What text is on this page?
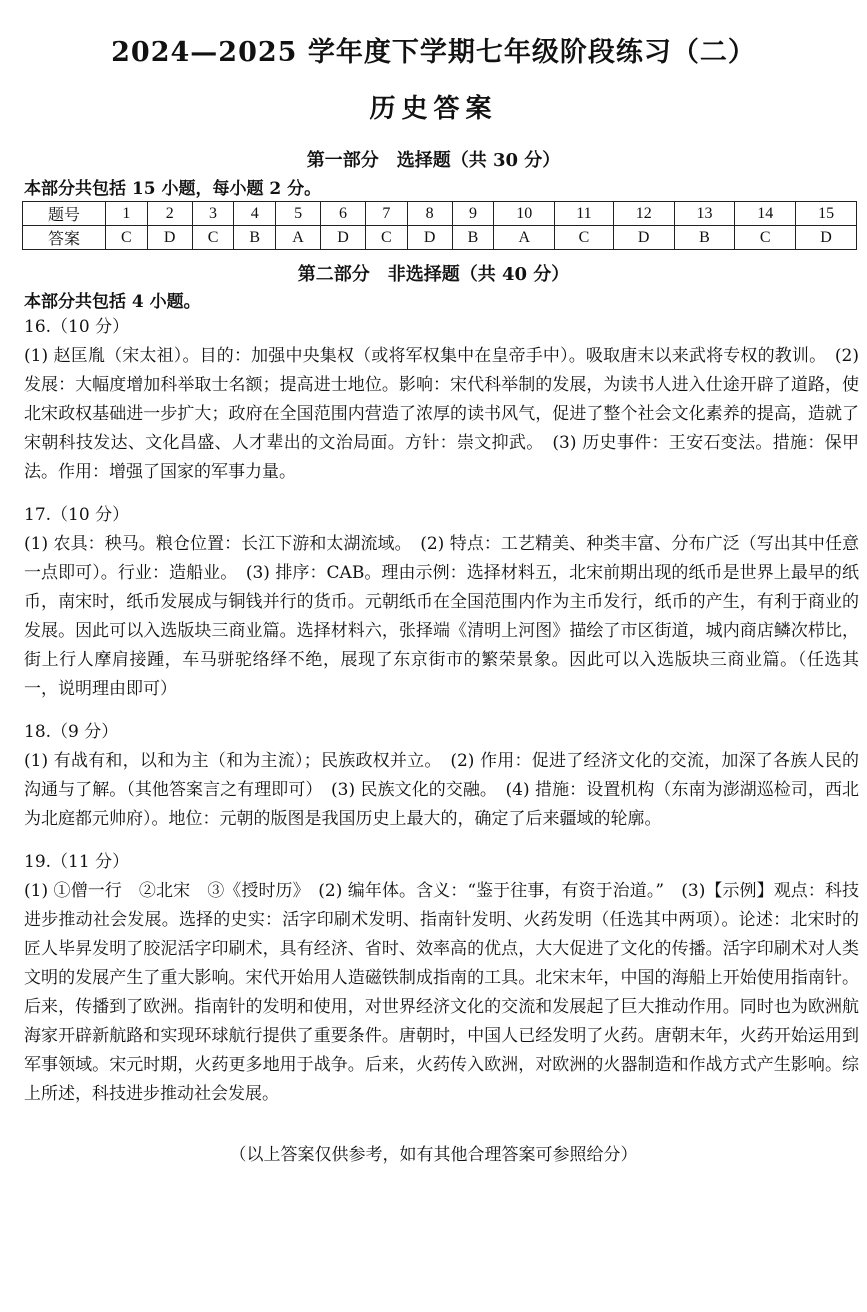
2024—2025 学年度下学期七年级阶段练习（二）
历史答案
第一部分　选择题（共 30 分）
本部分共包括 15 小题，每小题 2 分。
题号	1	2	3	4	5	6	7	8	9	10	11	12	13	14	15
答案	C	D	C	B	A	D	C	D	B	A	C	D	B	C	D
第二部分　非选择题（共 40 分）
本部分共包括 4 小题。
16.（10 分）
(1) 赵匡胤（宋太祖）。目的：加强中央集权（或将军权集中在皇帝手中）。吸取唐末以来武将专权的教训。　(2) 发展：大幅度增加科举取士名额；提高进士地位。影响：宋代科举制的发展，为读书人进入仕途开辟了道路，使北宋政权基础进一步扩大；政府在全国范围内营造了浓厚的读书风气，促进了整个社会文化素养的提高，造就了宋朝科技发达、文化昌盛、人才辈出的文治局面。方针：崇文抑武。　(3) 历史事件：王安石变法。措施：保甲法。作用：增强了国家的军事力量。
17.（10 分）
(1) 农具：秧马。粮仓位置：长江下游和太湖流域。　(2) 特点：工艺精美、种类丰富、分布广泛（写出其中任意一点即可）。行业：造船业。　(3) 排序：CAB。理由示例：选择材料五，北宋前期出现的纸币是世界上最早的纸币，南宋时，纸币发展成与铜钱并行的货币。元朝纸币在全国范围内作为主币发行，纸币的产生，有利于商业的发展。因此可以入选版块三商业篇。选择材料六，张择端《清明上河图》描绘了市区街道，城内商店鳞次栉比，街上行人摩肩接踵，车马骈驼络绎不绝，展现了东京街市的繁荣景象。因此可以入选版块三商业篇。（任选其一，说明理由即可）
18.（9 分）
(1) 有战有和，以和为主（和为主流）；民族政权并立。　(2) 作用：促进了经济文化的交流，加深了各族人民的沟通与了解。（其他答案言之有理即可）　(3) 民族文化的交融。　(4) 措施：设置机构（东南为澎湖巡检司，西北为北庭都元帅府）。地位：元朝的版图是我国历史上最大的，确定了后来疆域的轮廓。
19.（11 分）
(1) ①僧一行　②北宋　③《授时历》　(2) 编年体。含义：“鉴于往事，有资于治道。”　(3)【示例】观点：科技进步推动社会发展。选择的史实：活字印刷术发明、指南针发明、火药发明（任选其中两项）。论述：北宋时的匠人毕昇发明了胶泥活字印刷术，具有经济、省时、效率高的优点，大大促进了文化的传播。活字印刷术对人类文明的发展产生了重大影响。宋代开始用人造磁铁制成指南的工具。北宋末年，中国的海船上开始使用指南针。后来，传播到了欧洲。指南针的发明和使用，对世界经济文化的交流和发展起了巨大推动作用。同时也为欧洲航海家开辟新航路和实现环球航行提供了重要条件。唐朝时，中国人已经发明了火药。唐朝末年，火药开始运用到军事领域。宋元时期，火药更多地用于战争。后来，火药传入欧洲，对欧洲的火器制造和作战方式产生影响。综上所述，科技进步推动社会发展。
（以上答案仅供参考，如有其他合理答案可参照给分）
